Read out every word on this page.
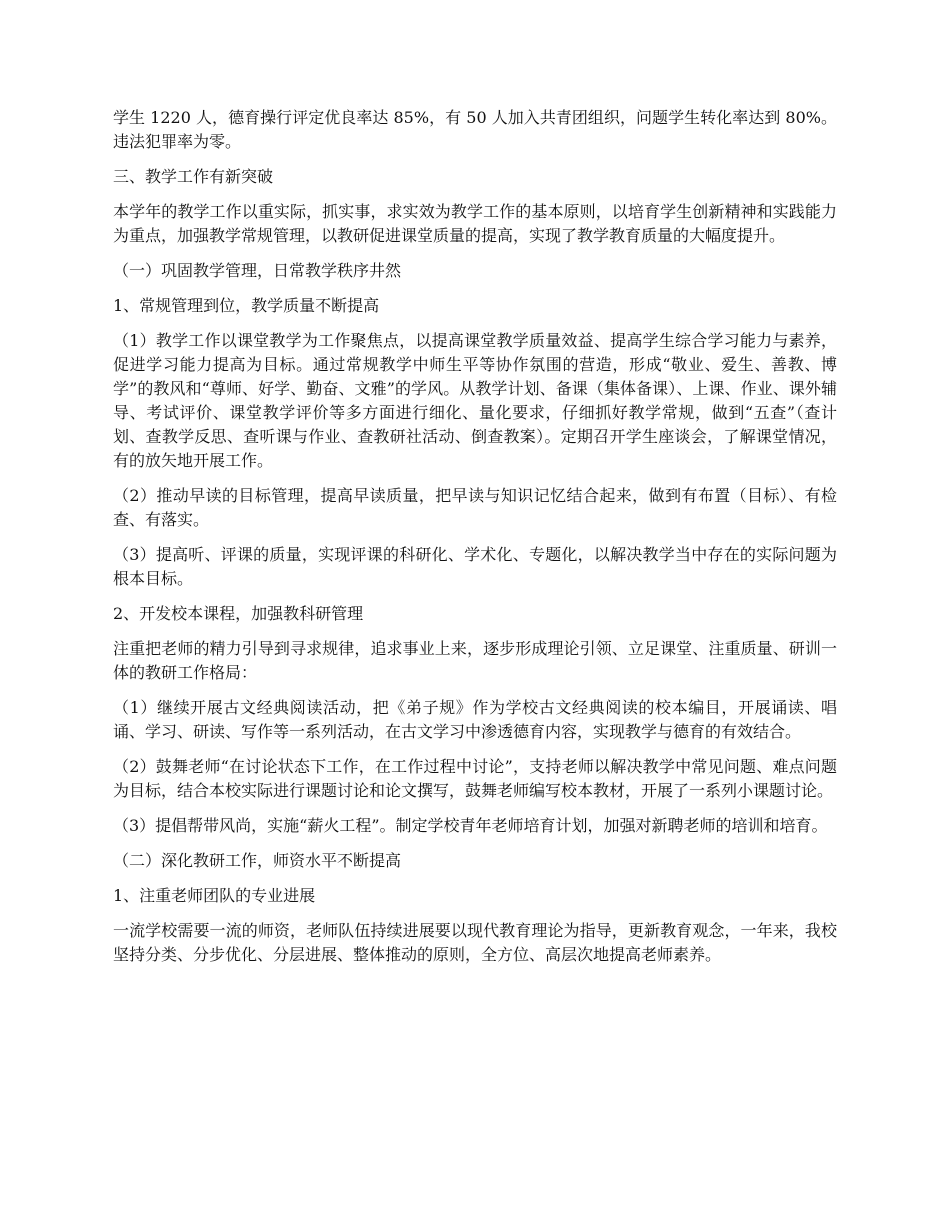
学生 1220 人，德育操行评定优良率达 85%，有 50 人加入共青团组织，问题学生转化率达到 80%。违法犯罪率为零。

三、教学工作有新突破

本学年的教学工作以重实际，抓实事，求实效为教学工作的基本原则，以培育学生创新精神和实践能力为重点，加强教学常规管理，以教研促进课堂质量的提高，实现了教学教育质量的大幅度提升。

（一）巩固教学管理，日常教学秩序井然

1、常规管理到位，教学质量不断提高

（1）教学工作以课堂教学为工作聚焦点，以提高课堂教学质量效益、提高学生综合学习能力与素养，促进学习能力提高为目标。通过常规教学中师生平等协作氛围的营造，形成“敬业、爱生、善教、博学”的教风和“尊师、好学、勤奋、文雅”的学风。从教学计划、备课（集体备课）、上课、作业、课外辅导、考试评价、课堂教学评价等多方面进行细化、量化要求，仔细抓好教学常规，做到“五查”（查计划、查教学反思、查听课与作业、查教研社活动、倒查教案）。定期召开学生座谈会，了解课堂情况，有的放矢地开展工作。

（2）推动早读的目标管理，提高早读质量，把早读与知识记忆结合起来，做到有布置（目标）、有检查、有落实。

（3）提高听、评课的质量，实现评课的科研化、学术化、专题化，以解决教学当中存在的实际问题为根本目标。

2、开发校本课程，加强教科研管理

注重把老师的精力引导到寻求规律，追求事业上来，逐步形成理论引领、立足课堂、注重质量、研训一体的教研工作格局：

（1）继续开展古文经典阅读活动，把《弟子规》作为学校古文经典阅读的校本编目，开展诵读、唱诵、学习、研读、写作等一系列活动，在古文学习中渗透德育内容，实现教学与德育的有效结合。

（2）鼓舞老师“在讨论状态下工作，在工作过程中讨论”，支持老师以解决教学中常见问题、难点问题为目标，结合本校实际进行课题讨论和论文撰写，鼓舞老师编写校本教材，开展了一系列小课题讨论。

（3）提倡帮带风尚，实施“薪火工程”。制定学校青年老师培育计划，加强对新聘老师的培训和培育。

（二）深化教研工作，师资水平不断提高

1、注重老师团队的专业进展

一流学校需要一流的师资，老师队伍持续进展要以现代教育理论为指导，更新教育观念，一年来，我校坚持分类、分步优化、分层进展、整体推动的原则，全方位、高层次地提高老师素养。
